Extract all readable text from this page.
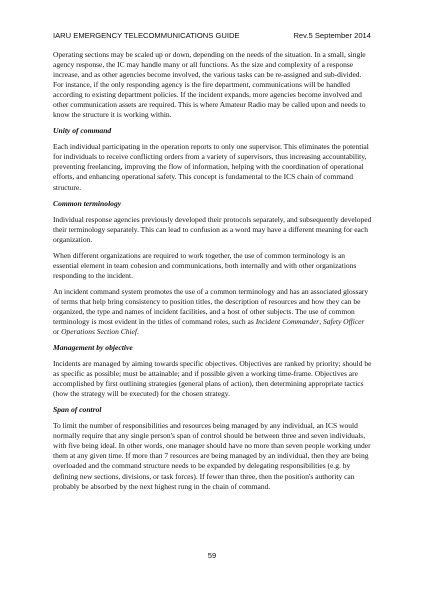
IARU EMERGENCY TELECOMMUNICATIONS GUIDE	Rev.5 September 2014

Operating sections may be scaled up or down, depending on the needs of the situation. In a small, single agency response, the IC may handle many or all functions. As the size and complexity of a response increase, and as other agencies become involved, the various tasks can be re-assigned and sub-divided. For instance, if the only responding agency is the fire department, communications will be handled according to existing department policies. If the incident expands, more agencies become involved and other communication assets are required. This is where Amateur Radio may be called upon and needs to know the structure it is working within.

Unity of command

Each individual participating in the operation reports to only one supervisor. This eliminates the potential for individuals to receive conflicting orders from a variety of supervisors, thus increasing accountability, preventing freelancing, improving the flow of information, helping with the coordination of operational efforts, and enhancing operational safety. This concept is fundamental to the ICS chain of command structure.

Common terminology

Individual response agencies previously developed their protocols separately, and subsequently developed their terminology separately. This can lead to confusion as a word may have a different meaning for each organization.

When different organizations are required to work together, the use of common terminology is an essential element in team cohesion and communications, both internally and with other organizations responding to the incident.

An incident command system promotes the use of a common terminology and has an associated glossary of terms that help bring consistency to position titles, the description of resources and how they can be organized, the type and names of incident facilities, and a host of other subjects. The use of common terminology is most evident in the titles of command roles, such as Incident Commander, Safety Officer or Operations Section Chief.

Management by objective

Incidents are managed by aiming towards specific objectives. Objectives are ranked by priority; should be as specific as possible; must be attainable; and if possible given a working time-frame. Objectives are accomplished by first outlining strategies (general plans of action), then determining appropriate tactics (how the strategy will be executed) for the chosen strategy.

Span of control

To limit the number of responsibilities and resources being managed by any individual, an ICS would normally require that any single person's span of control should be between three and seven individuals, with five being ideal. In other words, one manager should have no more than seven people working under them at any given time. If more than 7 resources are being managed by an individual, then they are being overloaded and the command structure needs to be expanded by delegating responsibilities (e.g. by defining new sections, divisions, or task forces). If fewer than three, then the position's authority can probably be absorbed by the next highest rung in the chain of command.

59
